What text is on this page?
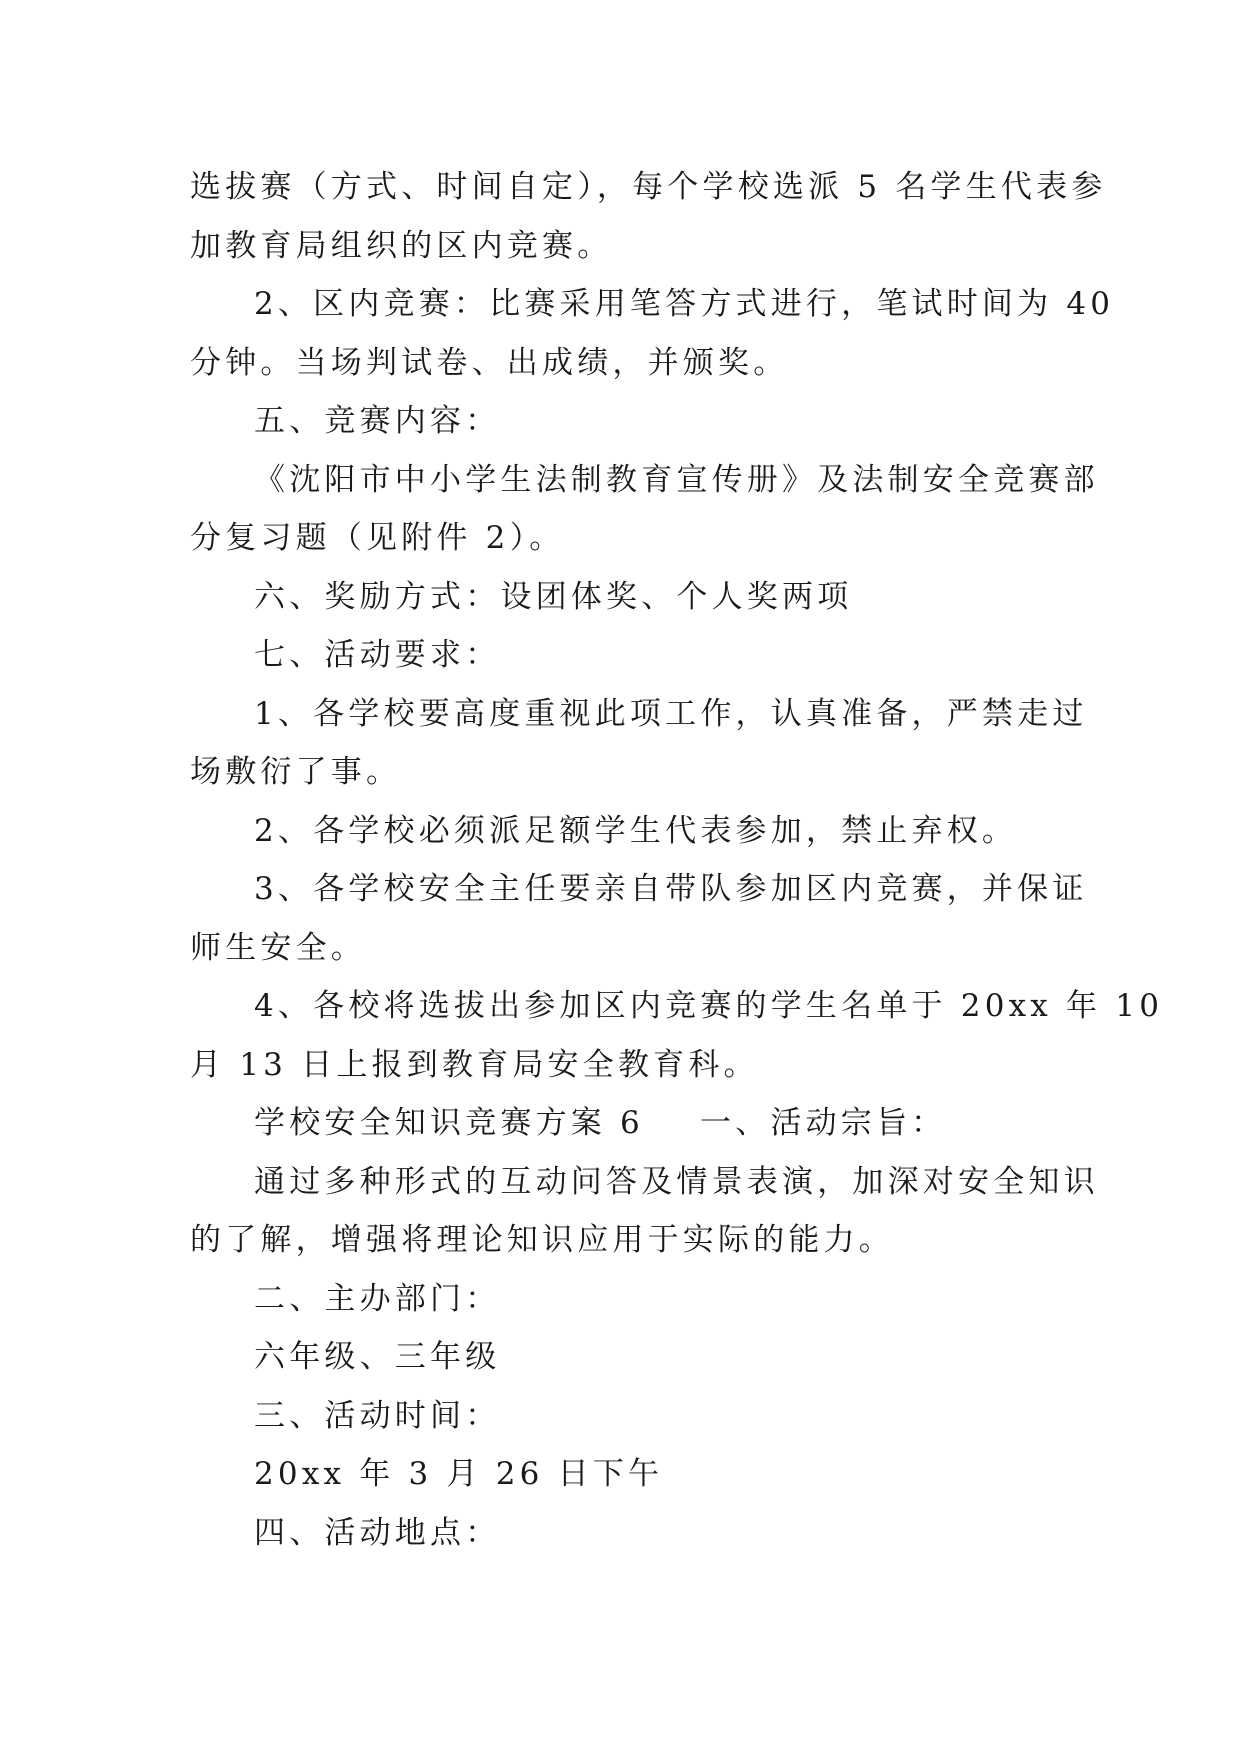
选拔赛（方式、时间自定），每个学校选派 5 名学生代表参
加教育局组织的区内竞赛。
2、区内竞赛：比赛采用笔答方式进行，笔试时间为 40
分钟。当场判试卷、出成绩，并颁奖。
五、竞赛内容：
《沈阳市中小学生法制教育宣传册》及法制安全竞赛部
分复习题（见附件 2）。
六、奖励方式：设团体奖、个人奖两项
七、活动要求：
1、各学校要高度重视此项工作，认真准备，严禁走过
场敷衍了事。
2、各学校必须派足额学生代表参加，禁止弃权。
3、各学校安全主任要亲自带队参加区内竞赛，并保证
师生安全。
4、各校将选拔出参加区内竞赛的学生名单于 20xx 年 10
月 13 日上报到教育局安全教育科。
学校安全知识竞赛方案 6 一、活动宗旨：
通过多种形式的互动问答及情景表演，加深对安全知识
的了解，增强将理论知识应用于实际的能力。
二、主办部门：
六年级、三年级
三、活动时间：
20xx 年 3 月 26 日下午
四、活动地点：
